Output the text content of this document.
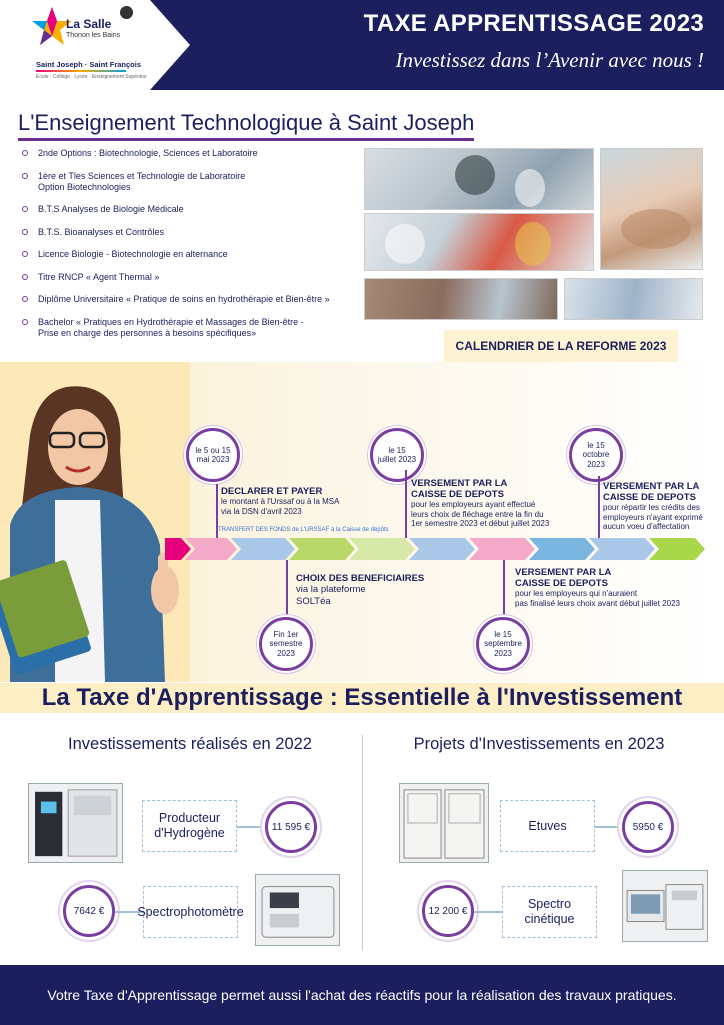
La Salle
Thonon les Bains
Saint Joseph · Saint François
École · Collège · Lycée · Enseignement Supérieur
TAXE APPRENTISSAGE 2023
Investissez dans l’Avenir avec nous !
L'Enseignement Technologique à Saint Joseph
2nde Options : Biotechnologie, Sciences et Laboratoire
1ère et Tles Sciences et Technologie de Laboratoire
Option Biotechnologies
B.T.S Analyses de Biologie Médicale
B.T.S. Bioanalyses et Contrôles
Licence Biologie - Biotechnologie en alternance
Titre RNCP « Agent Thermal »
Diplôme Universitaire « Pratique de soins en hydrothérapie et Bien-être »
Bachelor « Pratiques en Hydrothérapie et Massages de Bien-être -
Prise en charge des personnes à besoins spécifiques»
CALENDRIER DE LA REFORME 2023
TRANSFERT DES FONDS de L'URSSAF à la Caisse de dépôts
le 5 ou 15
mai 2023
DECLARER ET PAYER
le montant à l'Urssaf ou à la MSA
via la DSN d'avril 2023
le 15
juillet 2023
VERSEMENT PAR LA
CAISSE DE DEPOTS
pour les employeurs ayant effectué
leurs choix de fléchage entre la fin du
1er semestre 2023 et début juillet 2023
le 15
octobre
2023
VERSEMENT PAR LA
CAISSE DE DEPOTS
pour répartir les crédits des
employeurs n'ayant exprimé
aucun voeu d'affectation
Fin 1er
semestre
2023
CHOIX DES BENEFICIAIRES
via la plateforme
SOLTéa
le 15
septembre
2023
VERSEMENT PAR LA
CAISSE DE DEPOTS
pour les employeurs qui n'auraient
pas finalisé leurs choix avant début juillet 2023
La Taxe d'Apprentissage : Essentielle à l'Investissement
Investissements réalisés en 2022	Projets d'Investissements en 2023
Producteur
d'Hydrogène	11 595 €
7642 €	Spectrophotomètre
Etuves	5950 €
12 200 €	Spectro
cinétique
Votre Taxe d'Apprentissage permet aussi l'achat des réactifs pour la réalisation des travaux pratiques.
